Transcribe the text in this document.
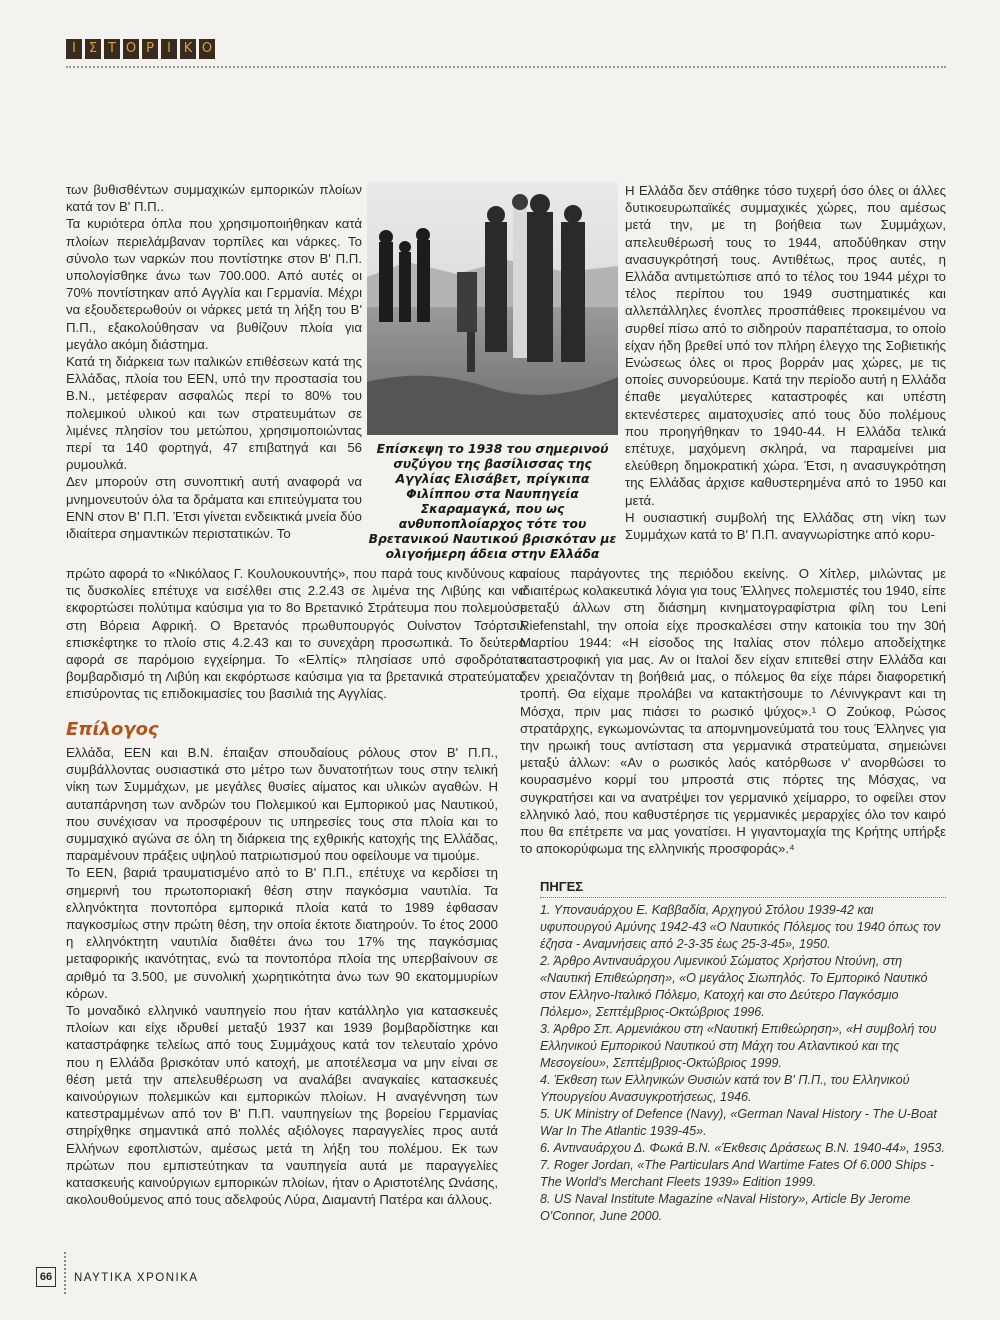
Ι Σ Τ Ο Ρ	Ι Κ Ο

των βυθισθέντων συμμαχικών εμπορικών πλοίων κατά τον Β' Π.Π..

Τα κυριότερα όπλα που χρησιμοποιήθηκαν κατά πλοίων περιελάμβαναν τορπίλες και νάρκες. Το σύνολο των ναρκών που ποντίστηκε στον Β' Π.Π. υπολογίσθηκε άνω των 700.000. Από αυτές οι 70% ποντίστηκαν από Αγγλία και Γερμανία. Μέχρι να εξουδετερωθούν οι νάρκες μετά τη λήξη του Β' Π.Π., εξακολούθησαν να βυθίζουν πλοία για μεγάλο ακόμη διάστημα.

Κατά τη διάρκεια των ιταλικών επιθέσεων κατά της Ελλάδας, πλοία του ΕΕΝ, υπό την προστασία του Β.Ν., μετέφεραν ασφαλώς περί το 80% του πολεμικού υλικού και των στρατευμάτων σε λιμένες πλησίον του μετώπου, χρησιμοποιώντας περί τα 140 φορτηγά, 47 επιβατηγά και 56 ρυμουλκά.

Δεν μπορούν στη συνοπτική αυτή αναφορά να μνημονευτούν όλα τα δράματα και επιτεύγματα του ΕΝΝ στον Β' Π.Π. Έτσι γίνεται ενδεικτικά μνεία δύο ιδιαίτερα σημαντικών περιστατικών. Το

Επίσκεψη το 1938 του σημερινού συζύγου της βασίλισσας της Αγγλίας Ελισάβετ, πρίγκιπα Φιλίππου στα Ναυπηγεία Σκαραμαγκά, που ως ανθυποπλοίαρχος τότε του Βρετανικού Ναυτικού βρισκόταν με ολιγοήμερη άδεια στην Ελλάδα

Η Ελλάδα δεν στάθηκε τόσο τυχερή όσο όλες οι άλλες δυτικοευρωπαϊκές συμμαχικές χώρες, που αμέσως μετά την, με τη βοήθεια των Συμμάχων, απελευθέρωσή τους το 1944, αποδύθηκαν στην ανασυγκρότησή τους. Αντιθέτως, προς αυτές, η Ελλάδα αντιμετώπισε από το τέλος του 1944 μέχρι το τέλος περίπου του 1949 συστηματικές και αλλεπάλληλες ένοπλες προσπάθειες προκειμένου να συρθεί πίσω από το σιδηρούν παραπέτασμα, το οποίο είχαν ήδη βρεθεί υπό τον πλήρη έλεγχο της Σοβιετικής Ενώσεως όλες οι προς βορράν μας χώρες, με τις οποίες συνορεύουμε. Κατά την περίοδο αυτή η Ελλάδα έπαθε μεγαλύτερες καταστροφές και υπέστη εκτενέστερες αιματοχυσίες από τους δύο πολέμους που προηγήθηκαν το 1940-44. Η Ελλάδα τελικά επέτυχε, μαχόμενη σκληρά, να παραμείνει μια ελεύθερη δημοκρατική χώρα. Έτσι, η ανασυγκρότηση της Ελλάδας άρχισε καθυστερημένα από το 1950 και μετά.

Η ουσιαστική συμβολή της Ελλάδας στη νίκη των Συμμάχων κατά το Β' Π.Π. αναγνωρίστηκε από κορυ-

πρώτο αφορά το «Νικόλαος Γ. Κουλουκουντής», που παρά τους κινδύνους και τις δυσκολίες επέτυχε να εισέλθει στις 2.2.43 σε λιμένα της Λιβύης και να εκφορτώσει πολύτιμα καύσιμα για το 8ο Βρετανικό Στράτευμα που πολεμούσε στη Βόρεια Αφρική. Ο Βρετανός πρωθυπουργός Ουίνστον Τσόρτσιλ επισκέφτηκε το πλοίο στις 4.2.43 και το συνεχάρη προσωπικά. Το δεύτερο αφορά σε παρόμοιο εγχείρημα. Το «Ελπίς» πλησίασε υπό σφοδρότατο βομβαρδισμό τη Λιβύη και εκφόρτωσε καύσιμα για τα βρετανικά στρατεύματα, επισύροντας τις επιδοκιμασίες του βασιλιά της Αγγλίας.

φαίους παράγοντες της περιόδου εκείνης. Ο Χίτλερ, μιλώντας με ιδιαιτέρως κολακευτικά λόγια για τους Έλληνες πολεμιστές του 1940, είπε μεταξύ άλλων στη διάσημη κινηματογραφίστρια φίλη του Leni Riefenstahl, την οποία είχε προσκαλέσει στην κατοικία του την 30ή Μαρτίου 1944: «Η είσοδος της Ιταλίας στον πόλεμο αποδείχτηκε καταστροφική για μας. Αν οι Ιταλοί δεν είχαν επιτεθεί στην Ελλάδα και δεν χρειαζόνταν τη βοήθειά μας, ο πόλεμος θα είχε πάρει διαφορετική τροπή. Θα είχαμε προλάβει να κατακτήσουμε το Λένινγκραντ και τη Μόσχα, πριν μας πιάσει το ρωσικό ψύχος».¹ Ο Ζούκοφ, Ρώσος στρατάρχης, εγκωμονώντας τα απομνημονεύματά του τους Έλληνες για την ηρωική τους αντίσταση στα γερμανικά στρατεύματα, σημειώνει μεταξύ άλλων: «Αν ο ρωσικός λαός κατόρθωσε ν' ανορθώσει το κουρασμένο κορμί του μπροστά στις πόρτες της Μόσχας, να συγκρατήσει και να ανατρέψει τον γερμανικό χείμαρρο, το οφείλει στον ελληνικό λαό, που καθυστέρησε τις γερμανικές μεραρχίες όλο τον καιρό που θα επέτρεπε να μας γονατίσει. Η γιγαντομαχία της Κρήτης υπήρξε το αποκορύφωμα της ελληνικής προσφοράς».⁴

Επίλογος

Ελλάδα, ΕΕΝ και Β.Ν. έπαιξαν σπουδαίους ρόλους στον Β' Π.Π., συμβάλλοντας ουσιαστικά στο μέτρο των δυνατοτήτων τους στην τελική νίκη των Συμμάχων, με μεγάλες θυσίες αίματος και υλικών αγαθών. Η αυταπάρνηση των ανδρών του Πολεμικού και Εμπορικού μας Ναυτικού, που συνέχισαν να προσφέρουν τις υπηρεσίες τους στα πλοία και το συμμαχικό αγώνα σε όλη τη διάρκεια της εχθρικής κατοχής της Ελλάδας, παραμένουν πράξεις υψηλού πατριωτισμού που οφείλουμε να τιμούμε.

Το ΕΕΝ, βαριά τραυματισμένο από το Β' Π.Π., επέτυχε να κερδίσει τη σημερινή του πρωτοποριακή θέση στην παγκόσμια ναυτιλία. Τα ελληνόκτητα ποντοπόρα εμπορικά πλοία κατά το 1989 έφθασαν παγκοσμίως στην πρώτη θέση, την οποία έκτοτε διατηρούν. Το έτος 2000 η ελληνόκτητη ναυτιλία διαθέτει άνω του 17% της παγκόσμιας μεταφορικής ικανότητας, ενώ τα ποντοπόρα πλοία της υπερβαίνουν σε αριθμό τα 3.500, με συνολική χωρητικότητα άνω των 90 εκατομμυρίων κόρων.

Το μοναδικό ελληνικό ναυπηγείο που ήταν κατάλληλο για κατασκευές πλοίων και είχε ιδρυθεί μεταξύ 1937 και 1939 βομβαρδίστηκε και καταστράφηκε τελείως από τους Συμμάχους κατά τον τελευταίο χρόνο που η Ελλάδα βρισκόταν υπό κατοχή, με αποτέλεσμα να μην είναι σε θέση μετά την απελευθέρωση να αναλάβει αναγκαίες κατασκευές καινούργιων πολεμικών και εμπορικών πλοίων. Η αναγέννηση των κατεστραμμένων από τον Β' Π.Π. ναυπηγείων της βορείου Γερμανίας στηρίχθηκε σημαντικά από πολλές αξιόλογες παραγγελίες προς αυτά Ελλήνων εφοπλιστών, αμέσως μετά τη λήξη του πολέμου. Εκ των πρώτων που εμπιστεύτηκαν τα ναυπηγεία αυτά με παραγγελίες κατασκευής καινούργιων εμπορικών πλοίων, ήταν ο Αριστοτέλης Ωνάσης, ακολουθούμενος από τους αδελφούς Λύρα, Διαμαντή Πατέρα και άλλους.

ΠΗΓΕΣ

1. Υποναυάρχου Ε. Καββαδία, Αρχηγού Στόλου 1939-42 και υφυπουργού Αμύνης 1942-43 «Ο Ναυτικός Πόλεμος του 1940 όπως τον έζησα - Αναμνήσεις από 2-3-35 έως 25-3-45», 1950.

2. Άρθρο Αντιναυάρχου Λιμενικού Σώματος Χρήστου Ντούνη, στη «Ναυτική Επιθεώρηση», «Ο μεγάλος Σιωπηλός. Το Εμπορικό Ναυτικό στον Ελληνο-Ιταλικό Πόλεμο, Κατοχή και στο Δεύτερο Παγκόσμιο Πόλεμο», Σεπτέμβριος-Οκτώβριος 1996.

3. Άρθρο Σπ. Αρμενιάκου στη «Ναυτική Επιθεώρηση», «Η συμβολή του Ελληνικού Εμπορικού Ναυτικού στη Μάχη του Ατλαντικού και της Μεσογείου», Σεπτέμβριος-Οκτώβριος 1999.

4. Έκθεση των Ελληνικών Θυσιών κατά τον Β' Π.Π., του Ελληνικού Υπουργείου Ανασυγκροτήσεως, 1946.

5. UK Ministry of Defence (Navy), «German Naval History - The U-Boat War In The Atlantic 1939-45».

6. Αντιναυάρχου Δ. Φωκά Β.Ν. «Έκθεσις Δράσεως Β.Ν. 1940-44», 1953.

7. Roger Jordan, «The Particulars And Wartime Fates Of 6.000 Ships - The World's Merchant Fleets 1939» Edition 1999.

8. US Naval Institute Magazine «Naval History», Article By Jerome O'Connor, June 2000.

66	ΝΑΥΤΙΚΑ ΧΡΟΝΙΚΑ
